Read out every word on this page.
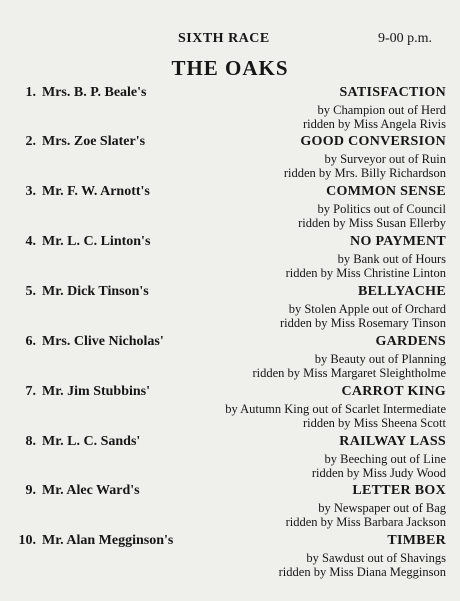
SIXTH RACE	9-00 p.m.
THE OAKS
1. Mrs. B. P. Beale's	SATISFACTION
by Champion out of Herd
ridden by Miss Angela Rivis
2. Mrs. Zoe Slater's	GOOD CONVERSION
by Surveyor out of Ruin
ridden by Mrs. Billy Richardson
3. Mr. F. W. Arnott's	COMMON SENSE
by Politics out of Council
ridden by Miss Susan Ellerby
4. Mr. L. C. Linton's	NO PAYMENT
by Bank out of Hours
ridden by Miss Christine Linton
5. Mr. Dick Tinson's	BELLYACHE
by Stolen Apple out of Orchard
ridden by Miss Rosemary Tinson
6. Mrs. Clive Nicholas'	GARDENS
by Beauty out of Planning
ridden by Miss Margaret Sleightholme
7. Mr. Jim Stubbins'	CARROT KING
by Autumn King out of Scarlet Intermediate
ridden by Miss Sheena Scott
8. Mr. L. C. Sands'	RAILWAY LASS
by Beeching out of Line
ridden by Miss Judy Wood
9. Mr. Alec Ward's	LETTER BOX
by Newspaper out of Bag
ridden by Miss Barbara Jackson
10. Mr. Alan Megginson's	TIMBER
by Sawdust out of Shavings
ridden by Miss Diana Megginson
